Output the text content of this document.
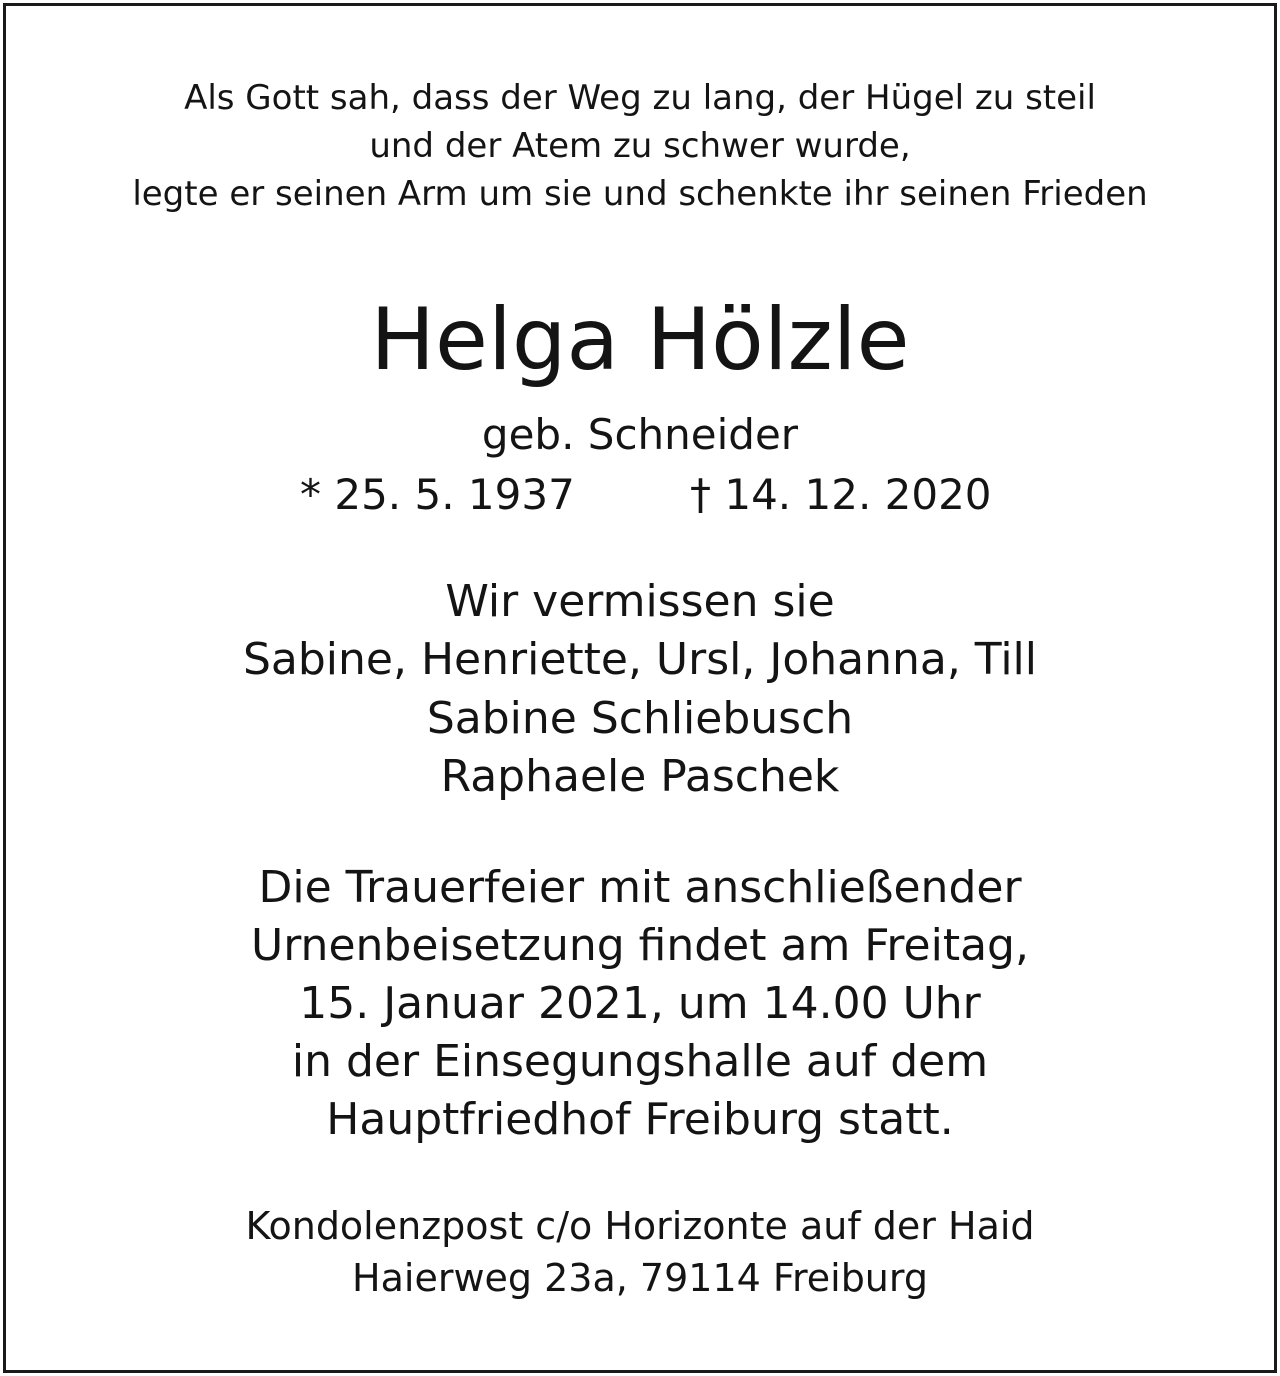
Als Gott sah, dass der Weg zu lang, der Hügel zu steil
und der Atem zu schwer wurde,
legte er seinen Arm um sie und schenkte ihr seinen Frieden
Helga Hölzle
geb. Schneider
* 25. 5. 1937	† 14. 12. 2020
Wir vermissen sie
Sabine, Henriette, Ursl, Johanna, Till
Sabine Schliebusch
Raphaele Paschek
Die Trauerfeier mit anschließender
Urnenbeisetzung findet am Freitag,
15. Januar 2021, um 14.00 Uhr
in der Einsegungshalle auf dem
Hauptfriedhof Freiburg statt.
Kondolenzpost c/o Horizonte auf der Haid
Haierweg 23a, 79114 Freiburg
